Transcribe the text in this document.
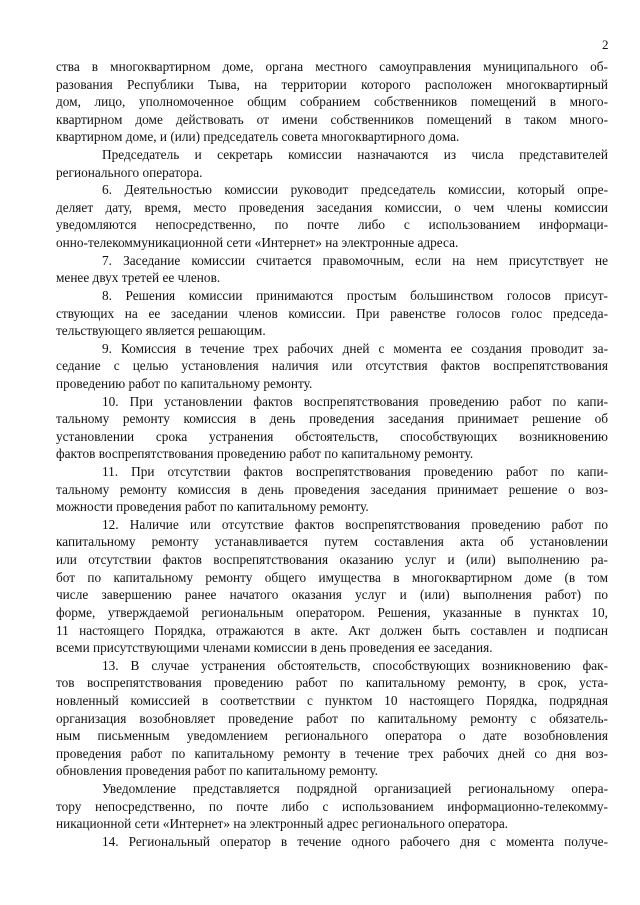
2
ства в многоквартирном доме, органа местного самоуправления муниципального об-
разования Республики Тыва, на территории которого расположен многоквартирный
дом, лицо, уполномоченное общим собранием собственников помещений в много-
квартирном доме действовать от имени собственников помещений в таком много-
квартирном доме, и (или) председатель совета многоквартирного дома.
Председатель и секретарь комиссии назначаются из числа представителей
регионального оператора.
6. Деятельностью комиссии руководит председатель комиссии, который опре-
деляет дату, время, место проведения заседания комиссии, о чем члены комиссии
уведомляются непосредственно, по почте либо с использованием информаци-
онно-телекоммуникационной сети «Интернет» на электронные адреса.
7. Заседание комиссии считается правомочным, если на нем присутствует не
менее двух третей ее членов.
8. Решения комиссии принимаются простым большинством голосов присут-
ствующих на ее заседании членов комиссии. При равенстве голосов голос председа-
тельствующего является решающим.
9. Комиссия в течение трех рабочих дней с момента ее создания проводит за-
седание с целью установления наличия или отсутствия фактов воспрепятствования
проведению работ по капитальному ремонту.
10. При установлении фактов воспрепятствования проведению работ по капи-
тальному ремонту комиссия в день проведения заседания принимает решение об
установлении срока устранения обстоятельств, способствующих возникновению
фактов воспрепятствования проведению работ по капитальному ремонту.
11. При отсутствии фактов воспрепятствования проведению работ по капи-
тальному ремонту комиссия в день проведения заседания принимает решение о воз-
можности проведения работ по капитальному ремонту.
12. Наличие или отсутствие фактов воспрепятствования проведению работ по
капитальному ремонту устанавливается путем составления акта об установлении
или отсутствии фактов воспрепятствования оказанию услуг и (или) выполнению ра-
бот по капитальному ремонту общего имущества в многоквартирном доме (в том
числе завершению ранее начатого оказания услуг и (или) выполнения работ) по
форме, утверждаемой региональным оператором. Решения, указанные в пунктах 10,
11 настоящего Порядка, отражаются в акте. Акт должен быть составлен и подписан
всеми присутствующими членами комиссии в день проведения ее заседания.
13. В случае устранения обстоятельств, способствующих возникновению фак-
тов воспрепятствования проведению работ по капитальному ремонту, в срок, уста-
новленный комиссией в соответствии с пунктом 10 настоящего Порядка, подрядная
организация возобновляет проведение работ по капитальному ремонту с обязатель-
ным письменным уведомлением регионального оператора о дате возобновления
проведения работ по капитальному ремонту в течение трех рабочих дней со дня воз-
обновления проведения работ по капитальному ремонту.
Уведомление представляется подрядной организацией региональному опера-
тору непосредственно, по почте либо с использованием информационно-телекомму-
никационной сети «Интернет» на электронный адрес регионального оператора.
14. Региональный оператор в течение одного рабочего дня с момента получе-
